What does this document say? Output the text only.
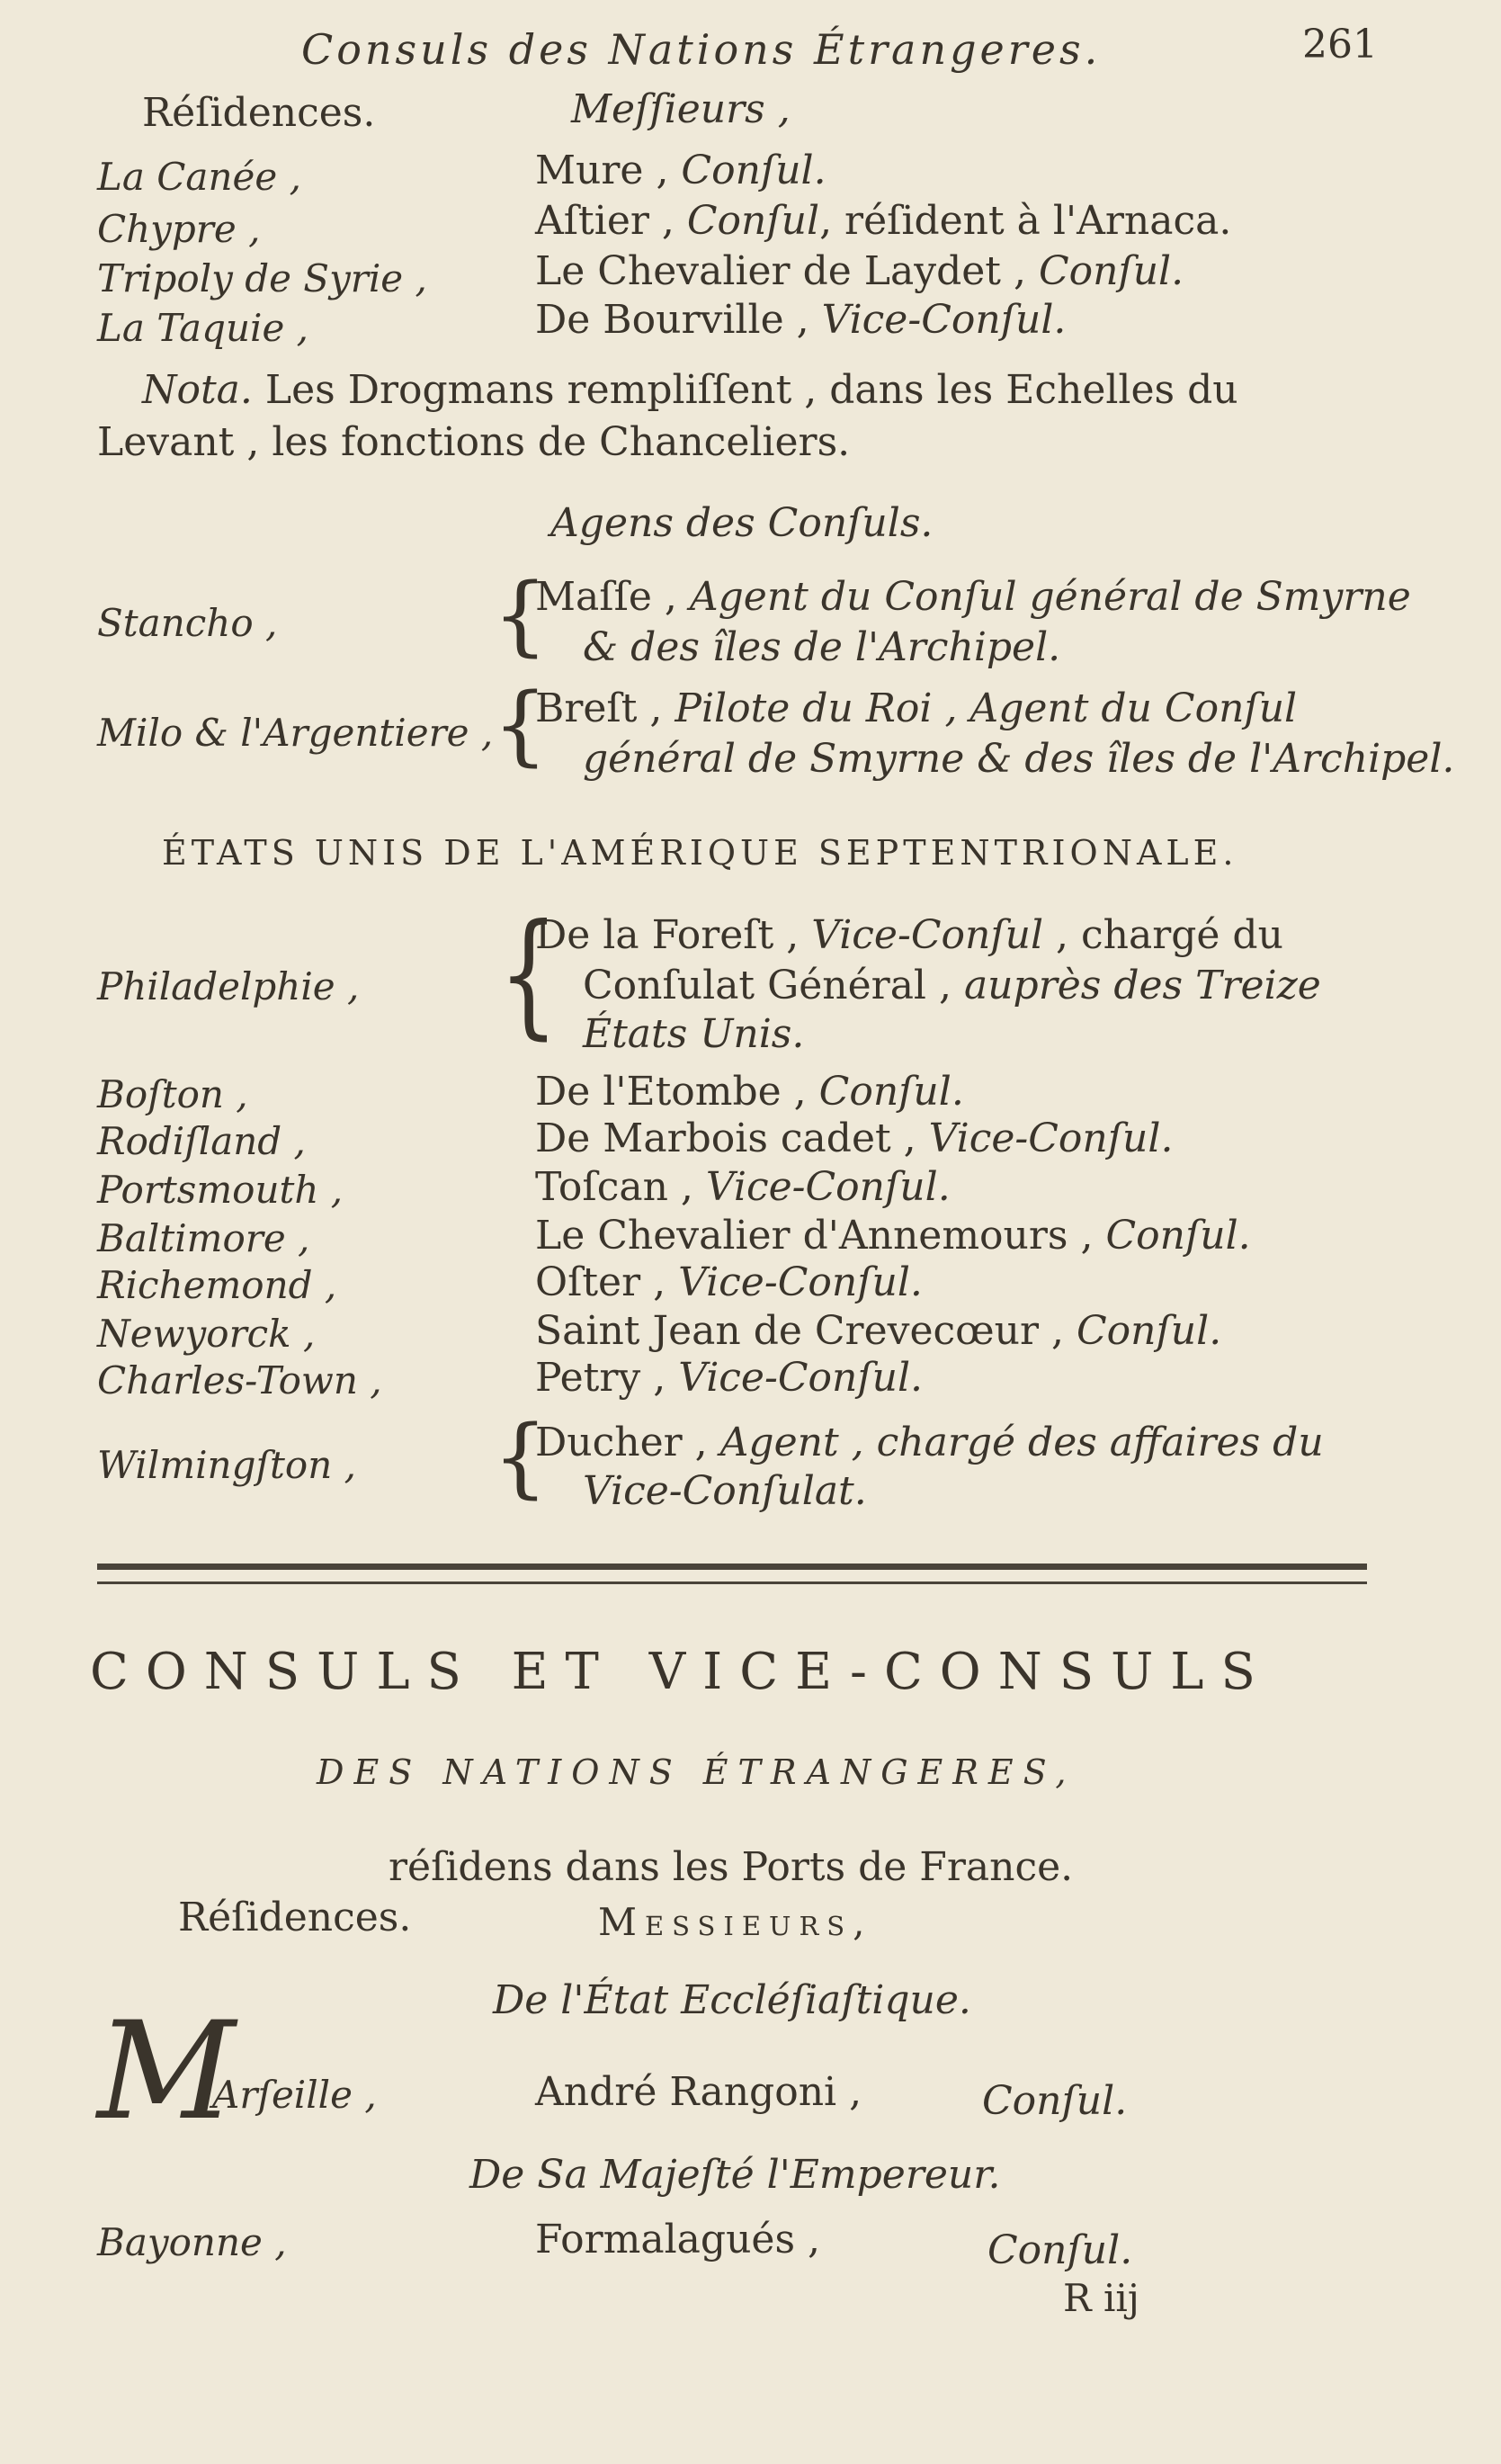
Consuls des Nations Étrangeres.	261
Réſidences.	Meſſieurs ,
La Canée ,	Mure , Conſul.
Chypre ,	Aſtier , Conſul, réſident à l'Arnaca.
Tripoly de Syrie ,	Le Chevalier de Laydet , Conſul.
La Taquie ,	De Bourville , Vice-Conſul.
Nota. Les Drogmans rempliſſent , dans les Echelles du
Levant , les fonctions de Chanceliers.
Agens des Conſuls.
Stancho , {
Maſſe , Agent du Conſul général de Smyrne
& des îles de l'Archipel.
Milo & l'Argentiere , {
Breſt , Pilote du Roi , Agent du Conſul
général de Smyrne & des îles de l'Archipel.
ÉTATS UNIS DE L'AMÉRIQUE SEPTENTRIONALE.
Philadelphie , {
De la Foreſt , Vice-Conſul , chargé du
Conſulat Général , auprès des Treize
États Unis.
Boſton ,	De l'Etombe , Conſul.
Rodiſland ,	De Marbois cadet , Vice-Conſul.
Portsmouth ,	Toſcan , Vice-Conſul.
Baltimore ,	Le Chevalier d'Annemours , Conſul.
Richemond ,	Oſter , Vice-Conſul.
Newyorck ,	Saint Jean de Crevecœur , Conſul.
Charles-Town ,	Petry , Vice-Conſul.
Wilmingſton , {
Ducher , Agent , chargé des affaires du
Vice-Conſulat.
CONSULS ET VICE-CONSULS
DES NATIONS ÉTRANGERES,
réſidens dans les Ports de France.
Réſidences.	Messieurs,
De l'État Eccléſiaſtique.
M
Arſeille ,	André Rangoni ,	Conſul.
De Sa Majeſté l'Empereur.
Bayonne ,	Formalagués ,	Conſul.
R iij
